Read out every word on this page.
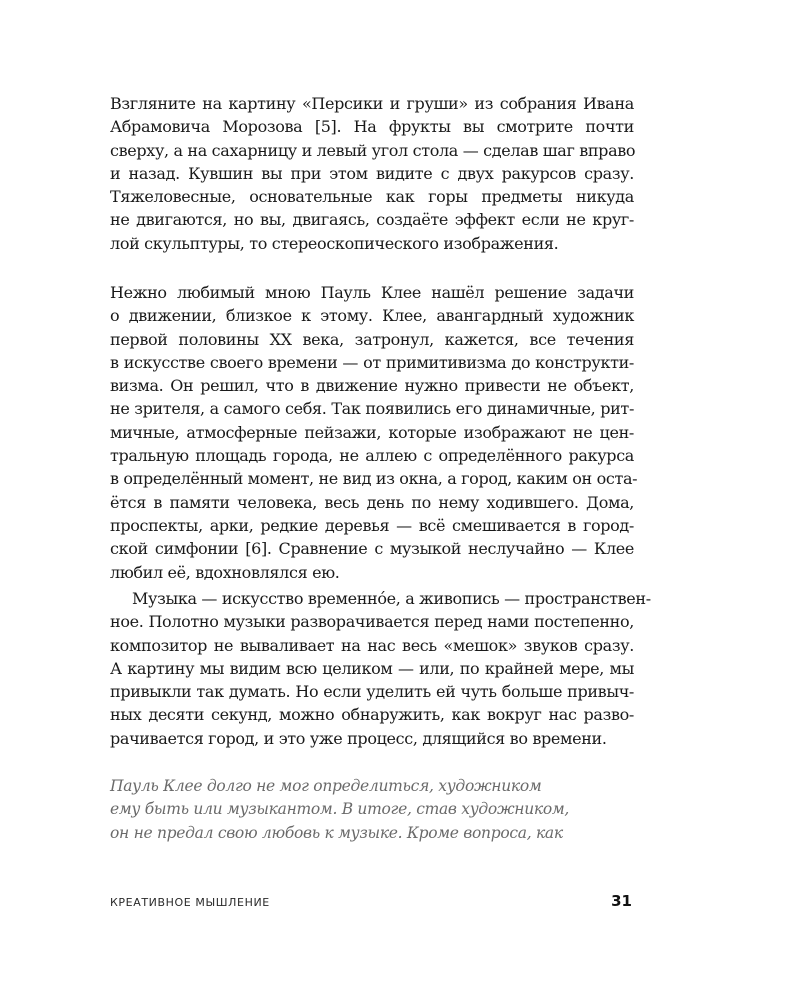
Взгляните на картину «Персики и груши» из собрания Ивана
Абрамовича Морозова [5]. На фрукты вы смотрите почти
сверху, а на сахарницу и левый угол стола — сделав шаг вправо
и назад. Кувшин вы при этом видите с двух ракурсов сразу.
Тяжеловесные, основательные как горы предметы никуда
не двигаются, но вы, двигаясь, создаёте эффект если не круг-
лой скульптуры, то стереоскопического изображения.
Нежно любимый мною Пауль Клее нашёл решение задачи
о движении, близкое к этому. Клее, авангардный художник
первой половины XX века, затронул, кажется, все течения
в искусстве своего времени — от примитивизма до конструкти-
визма. Он решил, что в движение нужно привести не объект,
не зрителя, а самого себя. Так появились его динамичные, рит-
мичные, атмосферные пейзажи, которые изображают не цен-
тральную площадь города, не аллею с определённого ракурса
в определённый момент, не вид из окна, а город, каким он оста-
ётся в памяти человека, весь день по нему ходившего. Дома,
проспекты, арки, редкие деревья — всё смешивается в город-
ской симфонии [6]. Сравнение с музыкой неслучайно — Клее
любил её, вдохновлялся ею.
Музыка — искусство временно́е, а живопись — пространствен-
ное. Полотно музыки разворачивается перед нами постепенно,
композитор не вываливает на нас весь «мешок» звуков сразу.
А картину мы видим всю целиком — или, по крайней мере, мы
привыкли так думать. Но если уделить ей чуть больше привыч-
ных десяти секунд, можно обнаружить, как вокруг нас разво-
рачивается город, и это уже процесс, длящийся во времени.
Пауль Клее долго не мог определиться, художником
ему быть или музыкантом. В итоге, став художником,
он не предал свою любовь к музыке. Кроме вопроса, как
КРЕАТИВНОЕ МЫШЛЕНИЕ	31
